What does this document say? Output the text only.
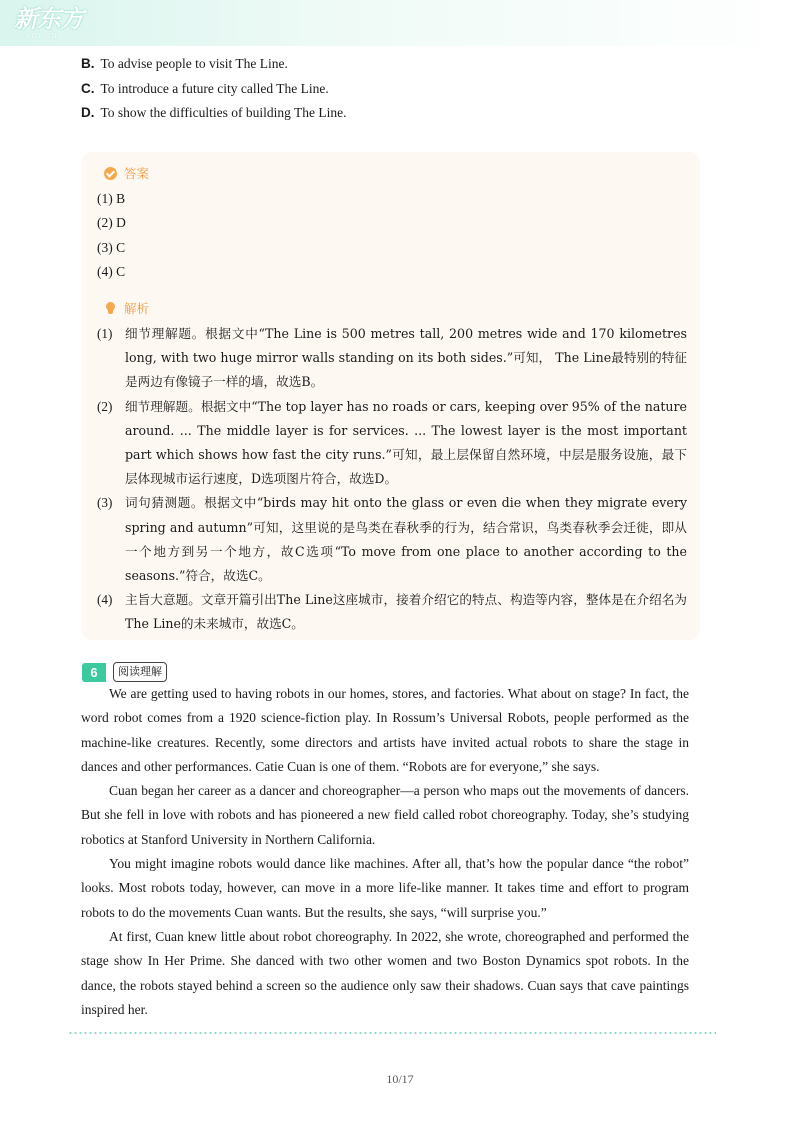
新东方
XDF.CN
B. To advise people to visit The Line.
C. To introduce a future city called The Line.
D. To show the difficulties of building The Line.
答案
(1) B
(2) D
(3) C
(4) C
解析
(1) 细节理解题。根据文中“The Line is 500 metres tall, 200 metres wide and 170 kilometres long, with two huge mirror walls standing on its both sides.”可知， The Line最特别的特征是两边有像镜子一样的墙，故选B。
(2) 细节理解题。根据文中“The top layer has no roads or cars, keeping over 95% of the nature around. ... The middle layer is for services. ... The lowest layer is the most important part which shows how fast the city runs.”可知，最上层保留自然环境，中层是服务设施，最下层体现城市运行速度，D选项图片符合，故选D。
(3) 词句猜测题。根据文中“birds may hit onto the glass or even die when they migrate every spring and autumn”可知，这里说的是鸟类在春秋季的行为，结合常识，鸟类春秋季会迁徙，即从一个地方到另一个地方，故C选项“To move from one place to another according to the seasons.”符合，故选C。
(4) 主旨大意题。文章开篇引出The Line这座城市，接着介绍它的特点、构造等内容，整体是在介绍名为The Line的未来城市，故选C。
6	阅读理解

We are getting used to having robots in our homes, stores, and factories. What about on stage? In fact, the word robot comes from a 1920 science-fiction play. In Rossum’s Universal Robots, people performed as the machine-like creatures. Recently, some directors and artists have invited actual robots to share the stage in dances and other performances. Catie Cuan is one of them. “Robots are for everyone,” she says.

Cuan began her career as a dancer and choreographer—a person who maps out the movements of dancers. But she fell in love with robots and has pioneered a new field called robot choreography. Today, she’s studying robotics at Stanford University in Northern California.

You might imagine robots would dance like machines. After all, that’s how the popular dance “the robot” looks. Most robots today, however, can move in a more life-like manner. It takes time and effort to program robots to do the movements Cuan wants. But the results, she says, “will surprise you.”

At first, Cuan knew little about robot choreography. In 2022, she wrote, choreographed and performed the stage show In Her Prime. She danced with two other women and two Boston Dynamics spot robots. In the dance, the robots stayed behind a screen so the audience only saw their shadows. Cuan says that cave paintings inspired her.

10/17
